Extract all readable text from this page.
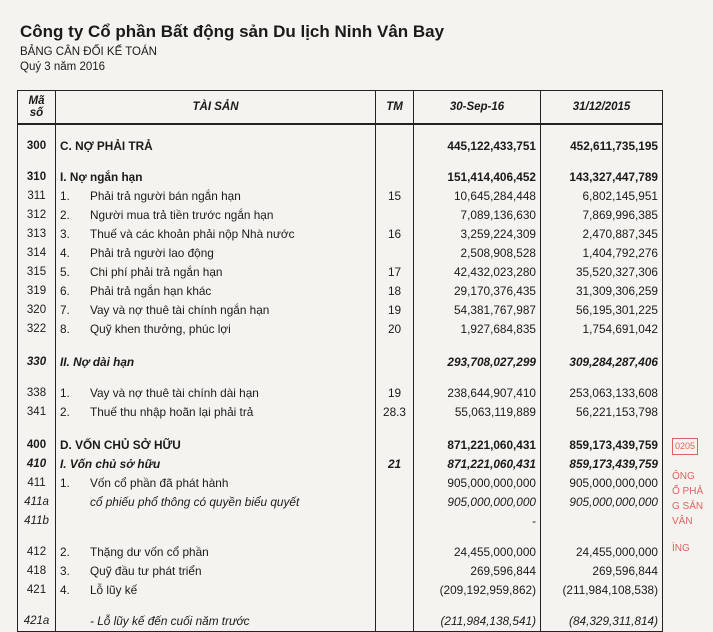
Công ty Cổ phần Bất động sản Du lịch Ninh Vân Bay
BẢNG CÂN ĐỐI KẾ TOÁN
Quý 3 năm 2016
Mã số	TÀI SẢN	TM	30-Sep-16	31/12/2015

300	C. NỢ PHẢI TRẢ		445,122,433,751	452,611,735,195

310	I. Nợ ngắn hạn		151,414,406,452	143,327,447,789
311	1. Phải trả người bán ngắn hạn	15	10,645,284,448	6,802,145,951
312	2. Người mua trả tiền trước ngắn hạn		7,089,136,630	7,869,996,385
313	3. Thuế và các khoản phải nộp Nhà nước	16	3,259,224,309	2,470,887,345
314	4. Phải trả người lao động		2,508,908,528	1,404,792,276
315	5. Chi phí phải trả ngắn hạn	17	42,432,023,280	35,520,327,306
319	6. Phải trả ngắn hạn khác	18	29,170,376,435	31,309,306,259
320	7. Vay và nợ thuê tài chính ngắn hạn	19	54,381,767,987	56,195,301,225
322	8. Quỹ khen thưởng, phúc lợi	20	1,927,684,835	1,754,691,042

330	II. Nợ dài hạn		293,708,027,299	309,284,287,406

338	1. Vay và nợ thuê tài chính dài hạn	19	238,644,907,410	253,063,133,608
341	2. Thuế thu nhập hoãn lại phải trả	28.3	55,063,119,889	56,221,153,798

400	D. VỐN CHỦ SỞ HỮU		871,221,060,431	859,173,439,759
410	I. Vốn chủ sở hữu	21	871,221,060,431	859,173,439,759
411	1. Vốn cổ phần đã phát hành		905,000,000,000	905,000,000,000
411a	cổ phiếu phổ thông có quyền biểu quyết		905,000,000,000	905,000,000,000
411b			-	

412	2. Thặng dư vốn cổ phần		24,455,000,000	24,455,000,000
418	3. Quỹ đầu tư phát triển		269,596,844	269,596,844
421	4. Lỗ lũy kế		(209,192,959,862)	(211,984,108,538)

421a	- Lỗ lũy kế đến cuối năm trước		(211,984,138,541)	(84,329,311,814)
0205
ÔNG
Ổ PHẢ
G SẢN
VÂN
ÌNG
